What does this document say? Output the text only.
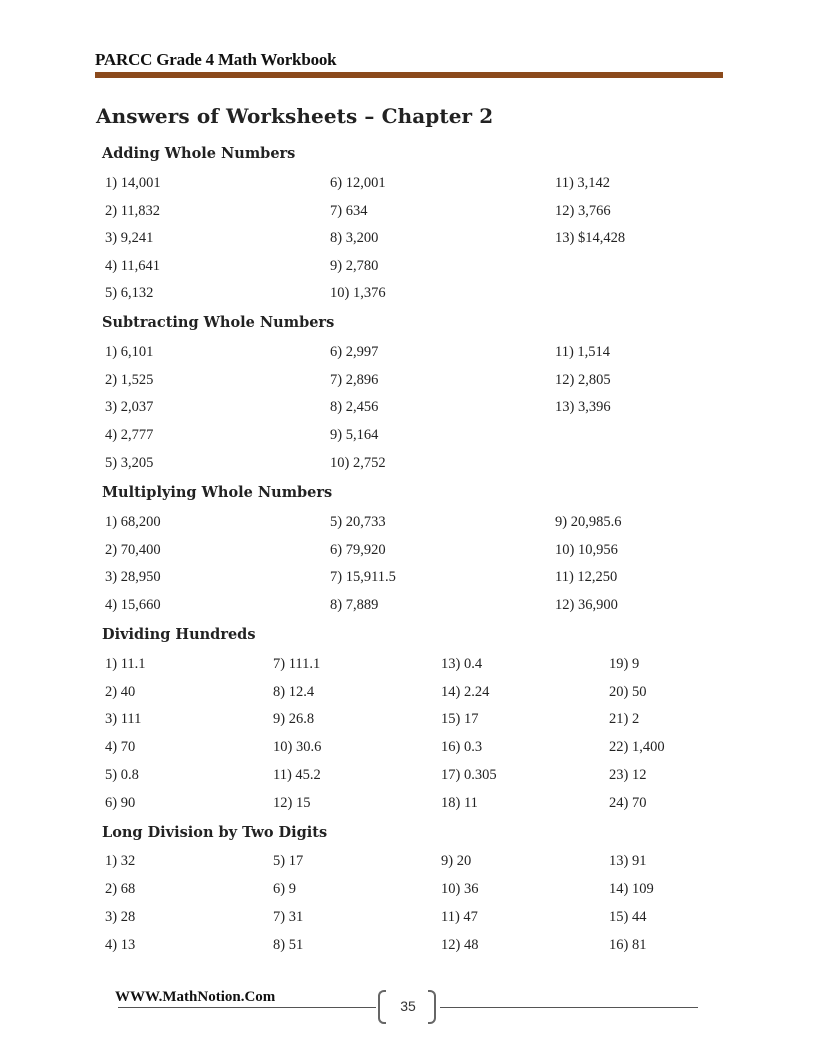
PARCC Grade 4 Math Workbook
Answers of Worksheets – Chapter 2
Adding Whole Numbers
1) 14,001
2) 11,832
3) 9,241
4) 11,641
5) 6,132
6) 12,001
7) 634
8) 3,200
9) 2,780
10) 1,376
11) 3,142
12) 3,766
13) $14,428
Subtracting Whole Numbers
1) 6,101
2) 1,525
3) 2,037
4) 2,777
5) 3,205
6) 2,997
7) 2,896
8) 2,456
9) 5,164
10) 2,752
11) 1,514
12) 2,805
13) 3,396
Multiplying Whole Numbers
1) 68,200
2) 70,400
3) 28,950
4) 15,660
5) 20,733
6) 79,920
7) 15,911.5
8) 7,889
9) 20,985.6
10) 10,956
11) 12,250
12) 36,900
Dividing Hundreds
1) 11.1
2) 40
3) 111
4) 70
5) 0.8
6) 90
7) 111.1
8) 12.4
9) 26.8
10) 30.6
11) 45.2
12) 15
13) 0.4
14) 2.24
15) 17
16) 0.3
17) 0.305
18) 11
19) 9
20) 50
21) 2
22) 1,400
23) 12
24) 70
Long Division by Two Digits
1) 32
2) 68
3) 28
4) 13
5) 17
6) 9
7) 31
8) 51
9) 20
10) 36
11) 47
12) 48
13) 91
14) 109
15) 44
16) 81
WWW.MathNotion.Com
35
